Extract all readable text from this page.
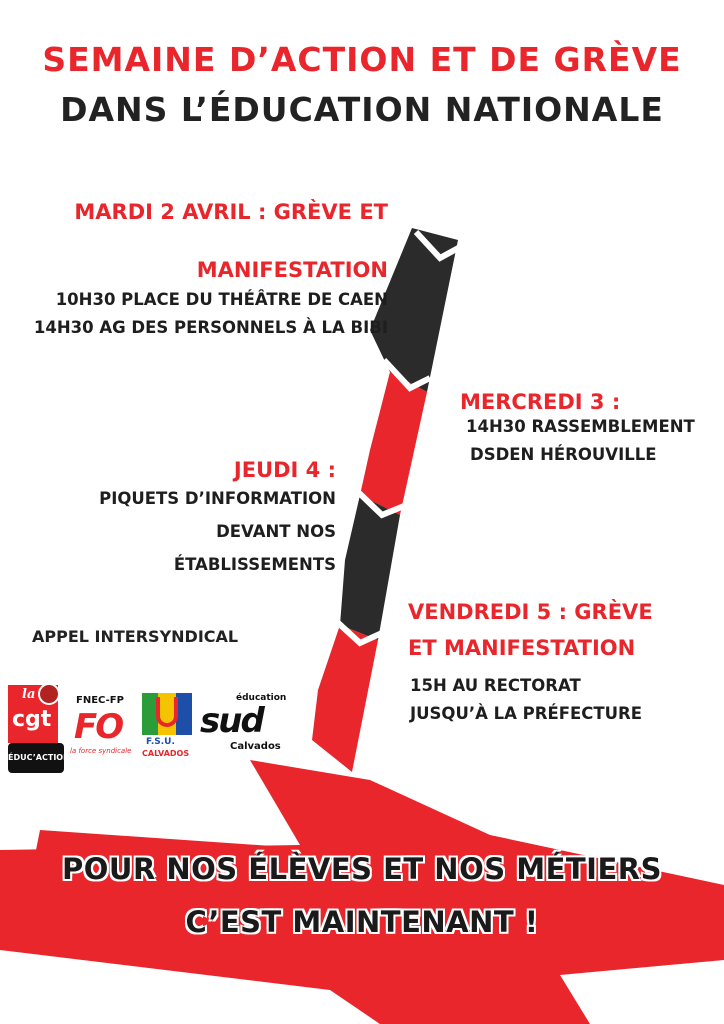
SEMAINE D’ACTION ET DE GRÈVE
DANS L’ÉDUCATION NATIONALE
MARDI 2 AVRIL : GRÈVE ET
MANIFESTATION
10H30 PLACE DU THÉÂTRE DE CAEN
14H30 AG DES PERSONNELS À LA BIBI
MERCREDI 3 :
14H30 RASSEMBLEMENT
DSDEN HÉROUVILLE
JEUDI 4 :
PIQUETS D’INFORMATION
DEVANT NOS
ÉTABLISSEMENTS
VENDREDI 5 : GRÈVE
ET MANIFESTATION
15H AU RECTORAT
JUSQU’À LA PRÉFECTURE
APPEL INTERSYNDICAL
la
cgt
ÉDUC’ACTION
FNEC-FP
FO
la force syndicale
F.S.U.
CALVADOS
éducation
sud
Calvados
POUR NOS ÉLÈVES ET NOS MÉTIERS
C’EST MAINTENANT !
